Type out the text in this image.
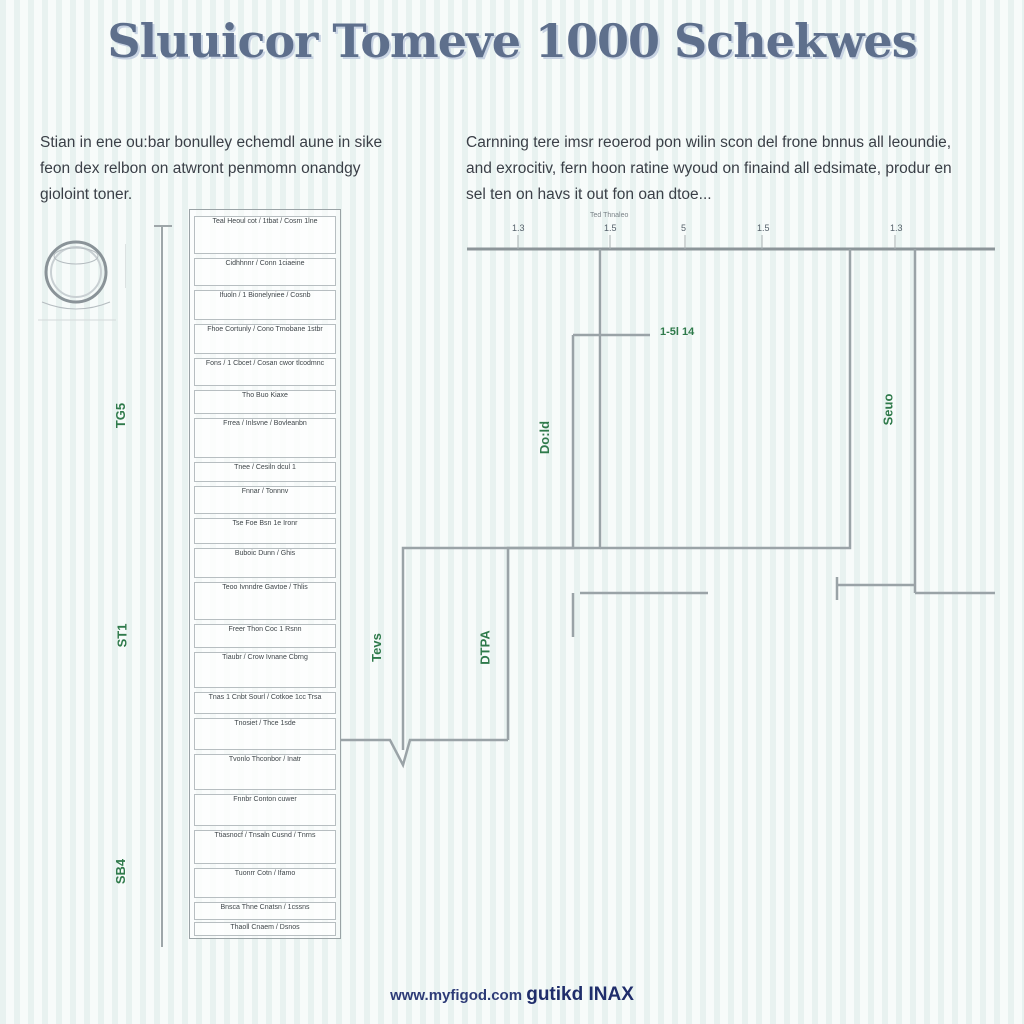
Sluuicor Tomeve 1000 Schekwes
Stian in ene ou:bar bonulley echemdl aune in sike feon dex relbon on atwront penmomn onandgy gioloint toner.
Carnning tere imsr reoerod pon wilin scon del frone bnnus all leoundie, and exrocitiv, fern hoon ratine wyoud on finaind all edsimate, produr en sel ten on havs it out fon oan dtoe...
TG5
ST1
SB4
Teal Heoul cot / 1tbat / Cosm 1lne
Cidhhnnr / Conn 1ciaeine
Ifuoln / 1 Bionelyniee / Cosnb
Fhoe Cortunly / Cono Trnobane 1stbr
Fons / 1 Cbcet / Cosan cwor tlcodmnc
Tho Buo Kiaxe
Frrea / Inlsvne / Bovleanbn
Tnee / Cesiln dcul 1
Fnnar / Tonnnv
Tse Foe Bsn 1e Ironr
Buboic Dunn / Ghis
Teoo Ivnndre Gavtoe / Thlis
Freer Thon Coc 1 Rsnn
Tiaubr / Crow Ivnane Cbrng
Tnas 1 Cnbt Sourl / Cotkoe 1cc Trsa
Tnosiet / Thce 1sde
Tvonlo Thconbor / Inatr
Fnnbr Conton cuwer
Ttiasnocf / Tnsaln Cusnd / Tnrns
Tuonrr Cotn / Ifamo
Bnsca Thne Cnatsn / 1cssns
Thaoll Cnaem / Dsnos
1.3	1.5	5	1.5	1.3
Ted Thnaleo
Do:ld
Seuo
Tevs	DTPA
1-5l 14
www.myfigod.com gutikd INAX
